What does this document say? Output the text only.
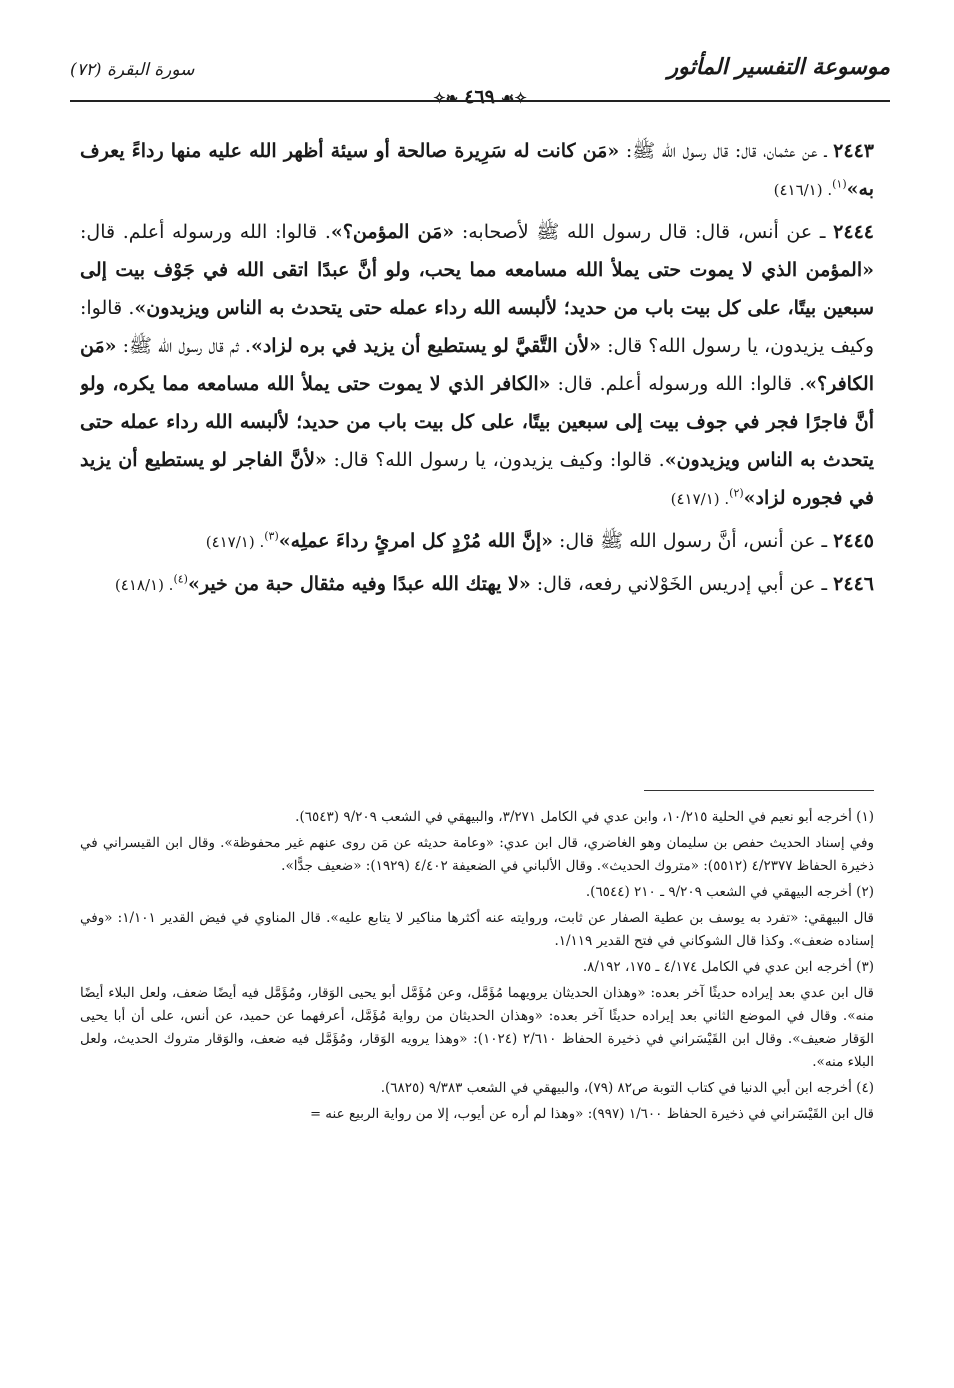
موسوعة التفسير المأثور
✧❧ ٤٦٩ ☙✧
سورة البقرة (٧٢)

٢٤٤٣ ـ عن عثمان، قال: قال رسول الله ﷺ: «مَن كانت له سَرِيرة صالحة أو سيئة أظهر الله عليه منها رداءً يعرف به»$^{(١)}$. (٤١٦/١)

٢٤٤٤ ـ عن أنس، قال: قال رسول الله ﷺ لأصحابه: «مَن المؤمن؟». قالوا: الله ورسوله أعلم. قال: «المؤمن الذي لا يموت حتى يملأ الله مسامعه مما يحب، ولو أنَّ عبدًا اتقى الله في جَوْف بيت إلى سبعين بيتًا، على كل بيت باب من حديد؛ لألبسه الله رداء عمله حتى يتحدث به الناس ويزيدون». قالوا: وكيف يزيدون، يا رسول الله؟ قال: «لأن التَّقيَّ لو يستطيع أن يزيد في بره لزاد». ثم قال رسول الله ﷺ: «مَن الكافر؟». قالوا: الله ورسوله أعلم. قال: «الكافر الذي لا يموت حتى يملأ الله مسامعه مما يكره، ولو أنَّ فاجرًا فجر في جوف بيت إلى سبعين بيتًا، على كل بيت باب من حديد؛ لألبسه الله رداء عمله حتى يتحدث به الناس ويزيدون». قالوا: وكيف يزيدون، يا رسول الله؟ قال: «لأنَّ الفاجر لو يستطيع أن يزيد في فجوره لزاد»$^{(٢)}$. (٤١٧/١)

٢٤٤٥ ـ عن أنس، أنَّ رسول الله ﷺ قال: «إنَّ الله مُرْدٍ كل امرئٍ رداءَ عملِه»$^{(٣)}$. (٤١٧/١)

٢٤٤٦ ـ عن أبي إدريس الخَوْلاني رفعه، قال: «لا يهتك الله عبدًا وفيه مثقال حبة من خير»$^{(٤)}$. (٤١٨/١)

(١) أخرجه أبو نعيم في الحلية ١٠/٢١٥، وابن عدي في الكامل ٣/٢٧١، والبيهقي في الشعب ٩/٢٠٩ (٦٥٤٣).

وفي إسناد الحديث حفص بن سليمان وهو الغاضري، قال ابن عدي: «وعامة حديثه عن مَن روى عنهم غير محفوظة». وقال ابن القيسراني في ذخيرة الحفاظ ٤/٢٣٧٧ (٥٥١٢): «متروك الحديث». وقال الألباني في الضعيفة ٤/٤٠٢ (١٩٢٩): «ضعيف جدًّا».

(٢) أخرجه البيهقي في الشعب ٩/٢٠٩ ـ ٢١٠ (٦٥٤٤).

قال البيهقي: «تفرد به يوسف بن عطية الصفار عن ثابت، وروايته عنه أكثرها مناكير لا يتابع عليه». قال المناوي في فيض القدير ١/١٠١: «وفي إسناده ضعف». وكذا قال الشوكاني في فتح القدير ١/١١٩.

(٣) أخرجه ابن عدي في الكامل ٤/١٧٤ ـ ١٧٥، ٨/١٩٢.

قال ابن عدي بعد إيراده حديثًا آخر بعده: «وهذان الحديثان يرويهما مُؤَمَّل، وعن مُؤَمَّل أبو يحيى الوَقار، ومُؤَمَّل فيه أيضًا ضعف، ولعل البلاء أيضًا منه». وقال في الموضع الثاني بعد إيراده حديثًا آخر بعده: «وهذان الحديثان من رواية مُؤَمَّل، أعرفهما عن حميد، عن أنس، على أن أبا يحيى الوَقار ضعيف». وقال ابن القَيْسَراني في ذخيرة الحفاظ ٢/٦١٠ (١٠٢٤): «وهذا يرويه الوَقار، ومُؤَمَّل فيه ضعف، والوَقار متروك الحديث، ولعل البلاء منه».

(٤) أخرجه ابن أبي الدنيا في كتاب التوبة ص٨٢ (٧٩)، والبيهقي في الشعب ٩/٣٨٣ (٦٨٢٥).

قال ابن القَيْسَراني في ذخيرة الحفاظ ١/٦٠٠ (٩٩٧): «وهذا لم أره عن أيوب، إلا من رواية الربيع عنه =
